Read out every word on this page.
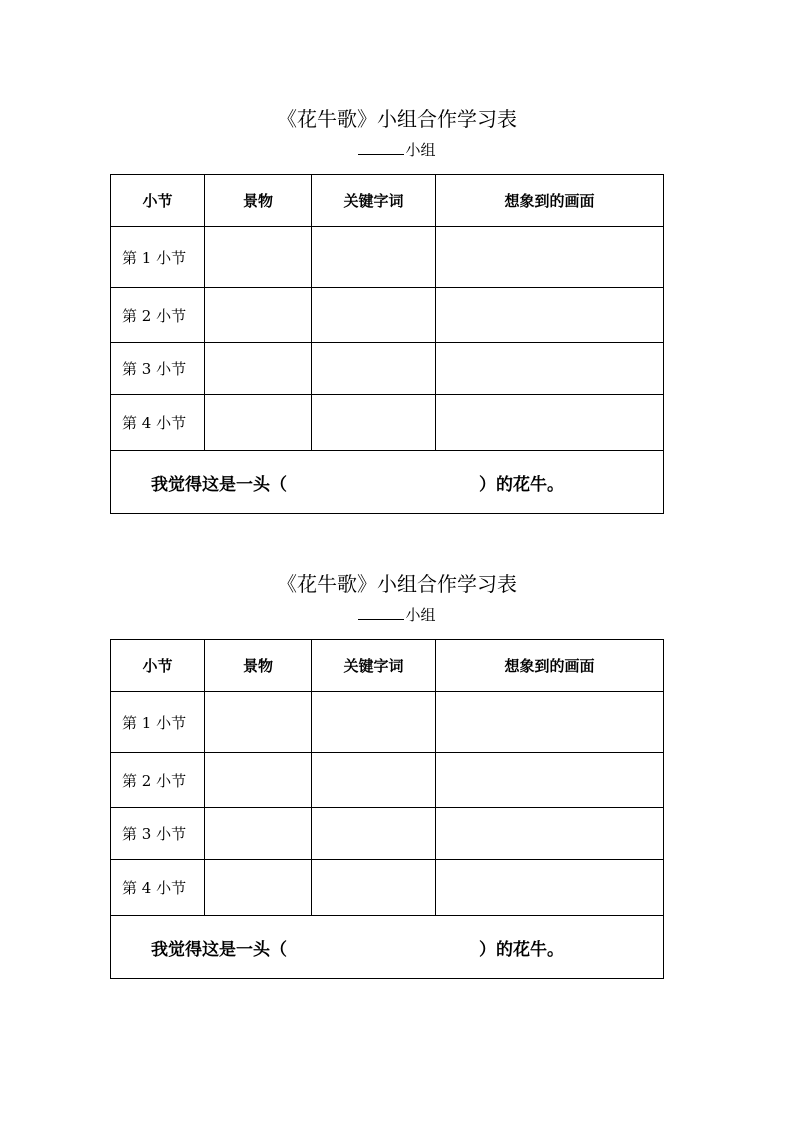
《花牛歌》小组合作学习表
小组
小节	景物	关键字词	想象到的画面
第 1 小节			
第 2 小节			
第 3 小节			
第 4 小节			
我觉得这是一头（ ）的花牛。			
《花牛歌》小组合作学习表
小组
小节	景物	关键字词	想象到的画面
第 1 小节			
第 2 小节			
第 3 小节			
第 4 小节			
我觉得这是一头（ ）的花牛。			
